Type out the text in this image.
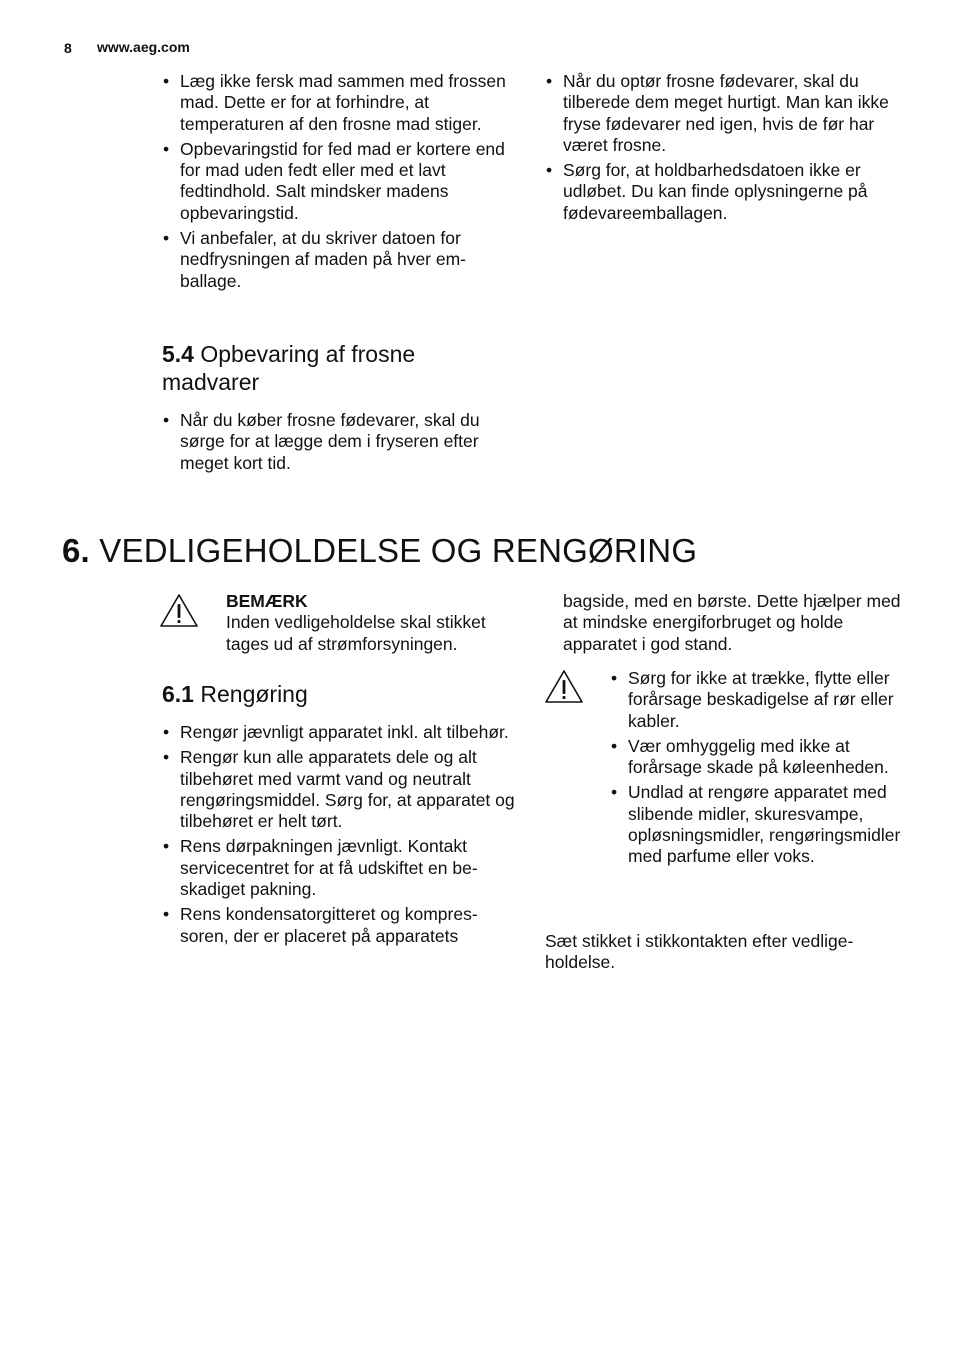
8 www.aeg.com
• Læg ikke fersk mad sammen med frossen mad. Dette er for at forhindre, at temperaturen af den frosne mad stiger.
• Opbevaringstid for fed mad er kortere end for mad uden fedt eller med et lavt fedtindhold. Salt mindsker madens opbevaringstid.
• Vi anbefaler, at du skriver datoen for nedfrysningen af maden på hver emballage.
5.4 Opbevaring af frosne madvarer
• Når du køber frosne fødevarer, skal du sørge for at lægge dem i fryseren efter meget kort tid.
• Når du optør frosne fødevarer, skal du tilberede dem meget hurtigt. Man kan ikke fryse fødevarer ned igen, hvis de før har været frosne.
• Sørg for, at holdbarhedsdatoen ikke er udløbet. Du kan finde oplysningerne på fødevareemballagen.
6. VEDLIGEHOLDELSE OG RENGØRING
BEMÆRK

Inden vedligeholdelse skal stikket tages ud af strømforsyningen.

6.1 Rengøring
• Rengør jævnligt apparatet inkl. alt tilbehør.
• Rengør kun alle apparatets dele og alt tilbehøret med varmt vand og neutralt rengøringsmiddel. Sørg for, at apparatet og tilbehøret er helt tørt.
• Rens dørpakningen jævnligt. Kontakt servicecentret for at få udskiftet en beskadiget pakning.
• Rens kondensatorgitteret og kompressoren, der er placeret på apparatets

bagside, med en børste. Dette hjælper med at mindske energiforbruget og holde apparatet i god stand.

• Sørg for ikke at trække, flytte eller forårsage beskadigelse af rør eller kabler.
• Vær omhyggelig med ikke at forårsage skade på køleenheden.
• Undlad at rengøre apparatet med slibende midler, skuresvampe, opløsningsmidler, rengøringsmidler med parfume eller voks.

Sæt stikket i stikkontakten efter vedligeholdelse.
